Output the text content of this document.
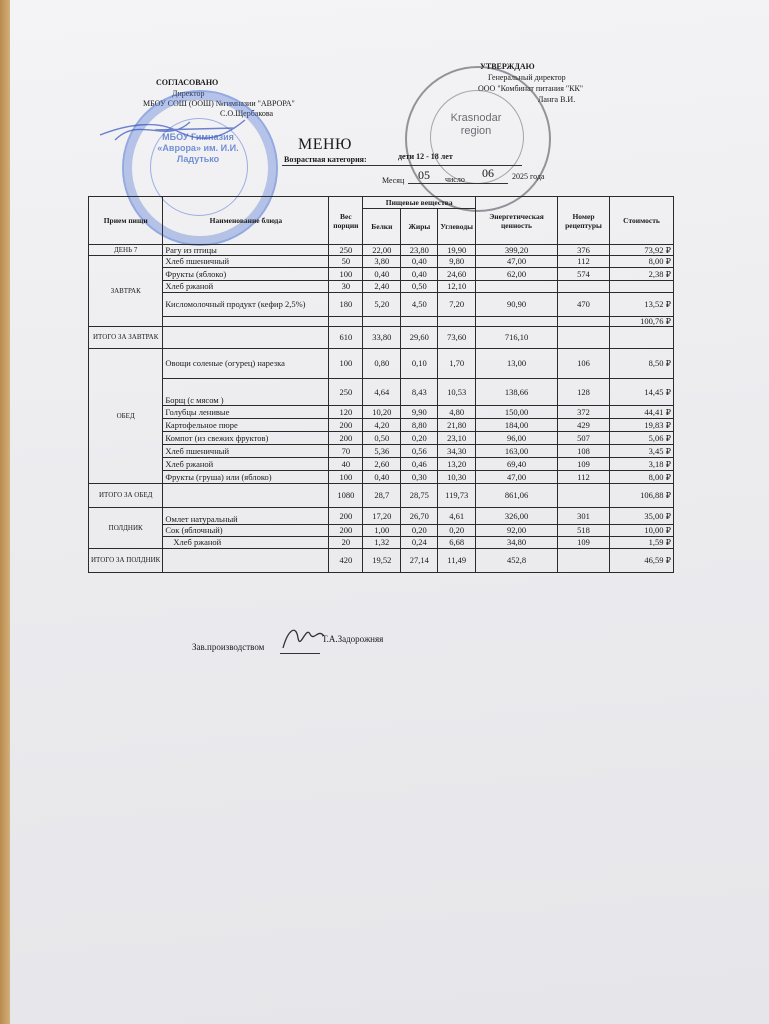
СОГЛАСОВАНО
Директор
МБОУ СОШ (ООШ) №гимназии "АВРОРА"
С.О.Щербакова
МБОУ Гимназия «Аврора» им. И.И. Ладутько
УТВЕРЖДАЮ
Генеральный директор
ООО "Комбинат питания "КК"
Ланга В.И.
Krasnodar region
МЕНЮ
Возрастная категория:	дети 12 - 18 лет
Месяц 05 число 06 2025 года
Прием пищи	Наименование блюда	Вес порции	Пищевые вещества			Энергетическая ценность	Номер рецептуры	Стоимость
			Белки	Жиры	Углеводы			
ДЕНЬ 7	Рагу из птицы	250	22,00	23,80	19,90	399,20	376	73,92 ₽
ЗАВТРАК	Хлеб пшеничный	50	3,80	0,40	9,80	47,00	112	8,00 ₽
	Фрукты (яблоко)	100	0,40	0,40	24,60	62,00	574	2,38 ₽
	Хлеб ржаной	30	2,40	0,50	12,10			
	Кисломолочный продукт (кефир 2,5%)	180	5,20	4,50	7,20	90,90	470	13,52 ₽
								100,76 ₽
ИТОГО ЗА ЗАВТРАК		610	33,80	29,60	73,60	716,10		
ОБЕД	Овощи соленые (огурец) нарезка	100	0,80	0,10	1,70	13,00	106	8,50 ₽
	Борщ (с мясом )	250	4,64	8,43	10,53	138,66	128	14,45 ₽
	Голубцы ленивые	120	10,20	9,90	4,80	150,00	372	44,41 ₽
	Картофельное пюре	200	4,20	8,80	21,80	184,00	429	19,83 ₽
	Компот (из свежих фруктов)	200	0,50	0,20	23,10	96,00	507	5,06 ₽
	Хлеб пшеничный	70	5,36	0,56	34,30	163,00	108	3,45 ₽
	Хлеб ржаной	40	2,60	0,46	13,20	69,40	109	3,18 ₽
	Фрукты (груша) или (яблоко)	100	0,40	0,30	10,30	47,00	112	8,00 ₽
ИТОГО ЗА ОБЕД		1080	28,7	28,75	119,73	861,06		106,88 ₽
ПОЛДНИК	Омлет натуральный	200	17,20	26,70	4,61	326,00	301	35,00 ₽
	Сок (яблочный)	200	1,00	0,20	0,20	92,00	518	10,00 ₽
	Хлеб ржаной	20	1,32	0,24	6,68	34,80	109	1,59 ₽
ИТОГО ЗА ПОЛДНИК		420	19,52	27,14	11,49	452,8		46,59 ₽
Зав.производством
Т.А.Задорожняя
